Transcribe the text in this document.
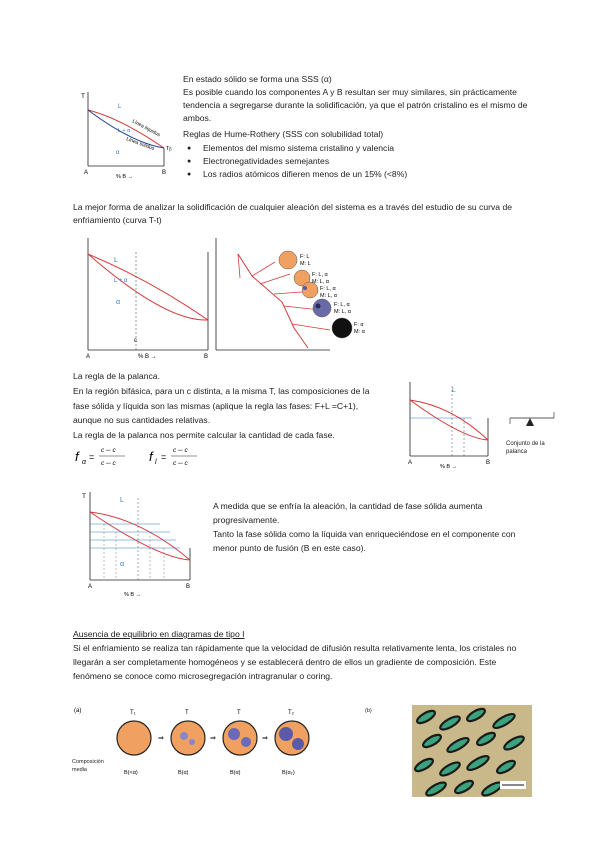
T
L
L + α
α
Línea liquidus
Línea solidus
A	B
% B →
Tᵦ
En estado sólido se forma una SSS (α)
Es posible cuando los componentes A y B resultan ser muy similares, sin prácticamente
tendencia a segregarse durante la solidificación, ya que el patrón cristalino es el mismo de
ambos.
Reglas de Hume-Rothery (SSS con solubilidad total)
● Elementos del mismo sistema cristalino y valencia
● Electronegatividades semejantes
● Los radios atómicos difieren menos de un 15% (<8%)
La mejor forma de analizar la solidificación de cualquier aleación del sistema es a través del estudio de su curva de
enfriamiento (curva T-t)
L
L + α
α
A
c
B
% B →
F: L
M: L
F: L, α
M: L, α
F: L, α
M: L, α
F: L, α
M: L, α
F: α
M: α
La regla de la palanca.
En la región bifásica, para un c distinta, a la misma T, las composiciones de la
fase sólida y líquida son las mismas (aplique la regla las fases: F+L =C+1),
aunque no sus cantidades relativas.
La regla de la palanca nos permite calcular la cantidad de cada fase.
f α
=
c ─ c
c ─ c	f l
=
c ─ c
c ─ c
L
A	B
% B →
Conjunto de la palanca
T
L
α
A	B
% B →
A medida que se enfría la aleación, la cantidad de fase sólida aumenta
progresivamente.
Tanto la fase sólida como la líquida van enriqueciéndose en el componente con
menor punto de fusión (B en este caso).
Ausencia de equilibrio en diagramas de tipo I
Si el enfriamiento se realiza tan rápidamente que la velocidad de difusión resulta relativamente lenta, los cristales no
llegarán a ser completamente homogéneos y se establecerá dentro de ellos un gradiente de composición. Este
fenómeno se conoce como microsegregación intragranular o coring.
(a)
⇒	⇒	⇒
T₁	T	T	T₂
B(<α)	B(α)	B(α)	B(α₂)
Composición media
(b)
